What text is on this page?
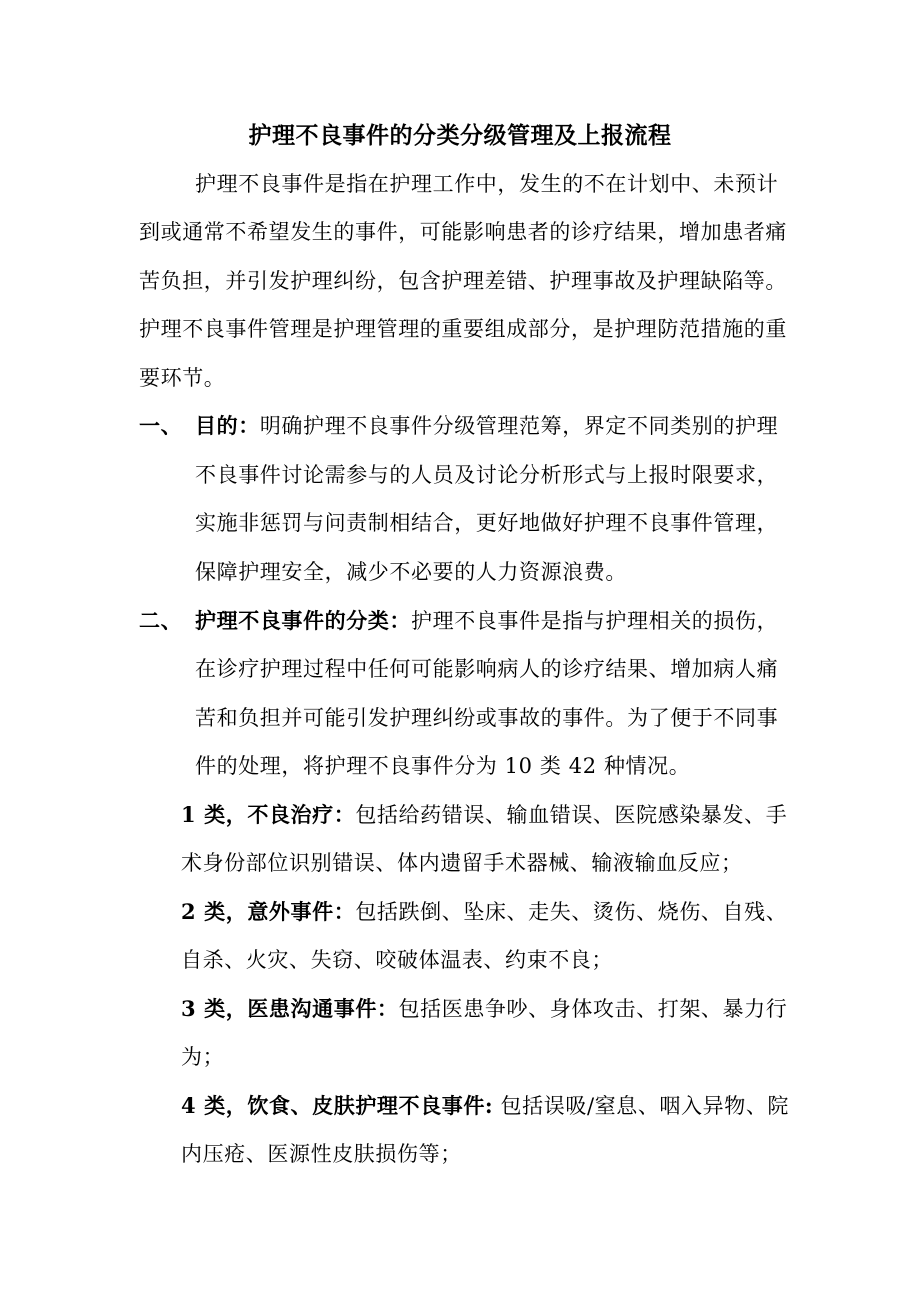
护理不良事件的分类分级管理及上报流程
护理不良事件是指在护理工作中，发生的不在计划中、未预计
到或通常不希望发生的事件，可能影响患者的诊疗结果，增加患者痛
苦负担，并引发护理纠纷，包含护理差错、护理事故及护理缺陷等。
护理不良事件管理是护理管理的重要组成部分，是护理防范措施的重
要环节。
一、 目的：明确护理不良事件分级管理范筹，界定不同类别的护理
不良事件讨论需参与的人员及讨论分析形式与上报时限要求，
实施非惩罚与问责制相结合，更好地做好护理不良事件管理，
保障护理安全，减少不必要的人力资源浪费。
二、 护理不良事件的分类：护理不良事件是指与护理相关的损伤，
在诊疗护理过程中任何可能影响病人的诊疗结果、增加病人痛
苦和负担并可能引发护理纠纷或事故的事件。为了便于不同事
件的处理，将护理不良事件分为 10 类 42 种情况。
1 类，不良治疗：包括给药错误、输血错误、医院感染暴发、手
术身份部位识别错误、体内遗留手术器械、输液输血反应；
2 类，意外事件：包括跌倒、坠床、走失、烫伤、烧伤、自残、
自杀、火灾、失窃、咬破体温表、约束不良；
3 类，医患沟通事件：包括医患争吵、身体攻击、打架、暴力行
为；
4 类，饮食、皮肤护理不良事件: 包括误吸/窒息、咽入异物、院
内压疮、医源性皮肤损伤等；
